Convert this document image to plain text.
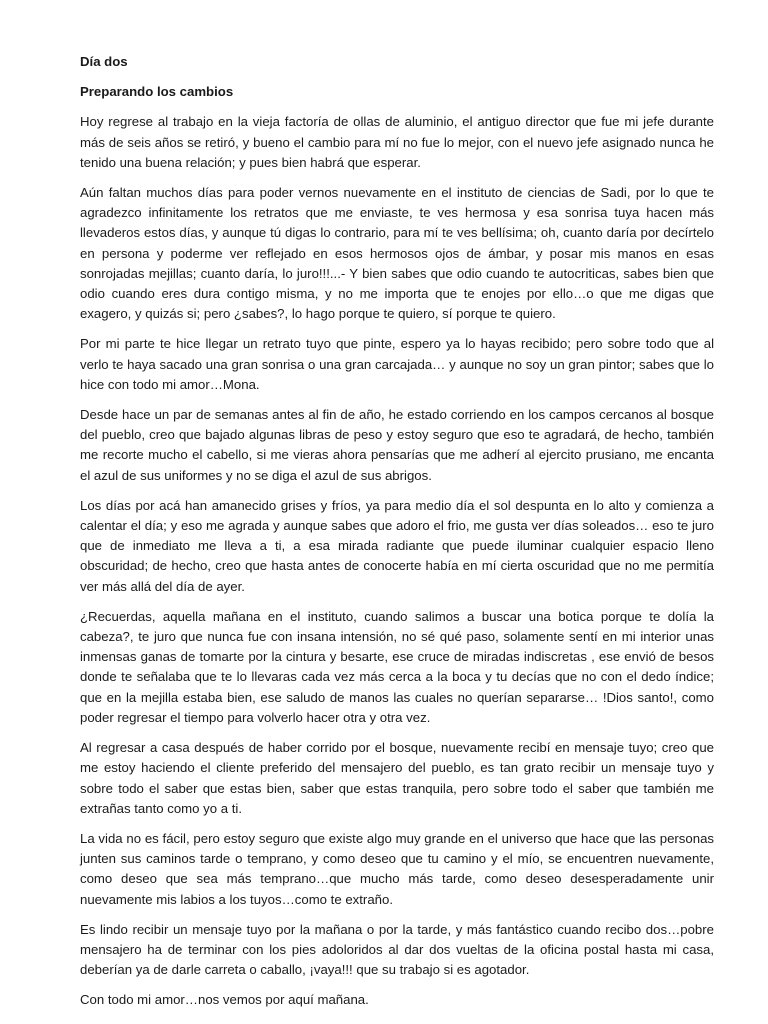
Día dos

Preparando los cambios

Hoy regrese al trabajo en la vieja factoría de ollas de aluminio, el antiguo director que fue mi jefe durante más de seis años se retiró, y bueno el cambio para mí no fue lo mejor, con el nuevo jefe asignado nunca he tenido una buena relación; y pues bien habrá que esperar.

Aún faltan muchos días para poder vernos nuevamente en el instituto de ciencias de Sadi, por lo que te agradezco infinitamente los retratos que me enviaste, te ves hermosa y esa sonrisa tuya hacen más llevaderos estos días, y aunque tú digas lo contrario, para mí te ves bellísima; oh, cuanto daría por decírtelo en persona y poderme ver reflejado en esos hermosos ojos de ámbar, y posar mis manos en esas sonrojadas mejillas; cuanto daría, lo juro!!!...- Y bien sabes que odio cuando te autocriticas, sabes bien que odio cuando eres dura contigo misma, y no me importa que te enojes por ello…o que me digas que exagero, y quizás si; pero ¿sabes?, lo hago porque te quiero, sí porque te quiero.

Por mi parte te hice llegar un retrato tuyo que pinte, espero ya lo hayas recibido; pero sobre todo que al verlo te haya sacado una gran sonrisa o una gran carcajada… y aunque no soy un gran pintor; sabes que lo hice con todo mi amor…Mona.

Desde hace un par de semanas antes al fin de año, he estado corriendo en los campos cercanos al bosque del pueblo, creo que bajado algunas libras de peso y estoy seguro que eso te agradará, de hecho, también me recorte mucho el cabello, si me vieras ahora pensarías que me adherí al ejercito prusiano, me encanta el azul de sus uniformes y no se diga el azul de sus abrigos.

Los días por acá han amanecido grises y fríos, ya para medio día el sol despunta en lo alto y comienza a calentar el día; y eso me agrada y aunque sabes que adoro el frio, me gusta ver días soleados… eso te juro que de inmediato me lleva a ti, a esa mirada radiante que puede iluminar cualquier espacio lleno obscuridad; de hecho, creo que hasta antes de conocerte había en mí cierta oscuridad que no me permitía ver más allá del día de ayer.

¿Recuerdas, aquella mañana en el instituto, cuando salimos a buscar una botica porque te dolía la cabeza?, te juro que nunca fue con insana intensión, no sé qué paso, solamente sentí en mi interior unas inmensas ganas de tomarte por la cintura y besarte, ese cruce de miradas indiscretas , ese envió de besos donde te señalaba que te lo llevaras cada vez más cerca a la boca y tu decías que no con el dedo índice; que en la mejilla estaba bien, ese saludo de manos las cuales no querían separarse… !Dios santo!, como poder regresar el tiempo para volverlo hacer otra y otra vez.

Al regresar a casa después de haber corrido por el bosque, nuevamente recibí en mensaje tuyo; creo que me estoy haciendo el cliente preferido del mensajero del pueblo, es tan grato recibir un mensaje tuyo y sobre todo el saber que estas bien, saber que estas tranquila, pero sobre todo el saber que también me extrañas tanto como yo a ti.

La vida no es fácil, pero estoy seguro que existe algo muy grande en el universo que hace que las personas junten sus caminos tarde o temprano, y como deseo que tu camino y el mío, se encuentren nuevamente, como deseo que sea más temprano…que mucho más tarde, como deseo desesperadamente unir nuevamente mis labios a los tuyos…como te extraño.

Es lindo recibir un mensaje tuyo por la mañana o por la tarde, y más fantástico cuando recibo dos…pobre mensajero ha de terminar con los pies adoloridos al dar dos vueltas de la oficina postal hasta mi casa, deberían ya de darle carreta o caballo, ¡vaya!!! que su trabajo si es agotador.

Con todo mi amor…nos vemos por aquí mañana.
